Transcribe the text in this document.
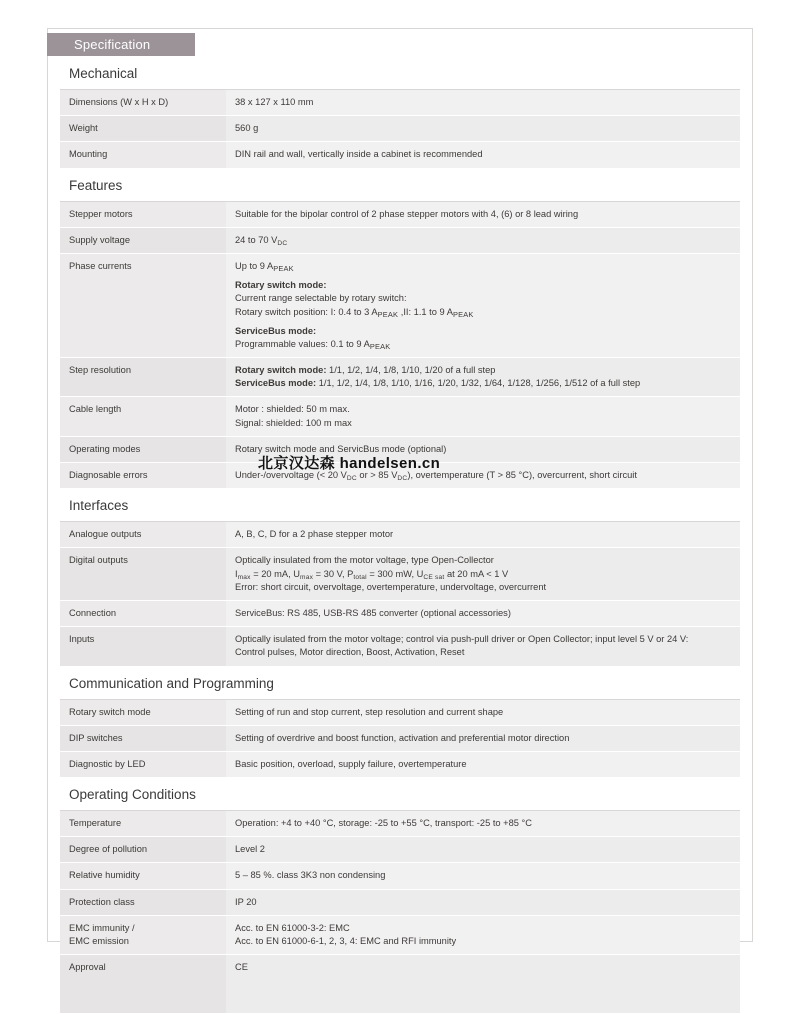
Mechanical
Dimensions (W x H x D)	38 x 127 x 110 mm
Weight	560 g
Mounting	DIN rail and wall, vertically inside a cabinet is recommended
Features
Stepper motors	Suitable for the bipolar control of 2 phase stepper motors with 4, (6) or 8 lead wiring
Supply voltage	24 to 70 $V_{DC}$
Phase currents	Up to 9 $A_{PEAK}$
Rotary switch mode:
Current range selectable by rotary switch:
Rotary switch position: I: 0.4 to 3 $A_{PEAK}$ ,II: 1.1 to 9 $A_{PEAK}$
ServiceBus mode:
Programmable values: 0.1 to 9 $A_{PEAK}$

Step resolution	Rotary switch mode: 1/1, 1/2, 1/4, 1/8, 1/10, 1/20 of a full step
ServiceBus mode: 1/1, 1/2, 1/4, 1/8, 1/10, 1/16, 1/20, 1/32, 1/64, 1/128, 1/256, 1/512 of a full step

Cable length	Motor : shielded: 50 m max.
Signal: shielded: 100 m max

Operating modes	Rotary switch mode and ServicBus mode (optional)
Diagnosable errors	Under-/overvoltage (< 20 $V_{DC}$ or > 85 $V_{DC}$), overtemperature (T > 85 °C), overcurrent, short circuit
Interfaces
Analogue outputs	A, B, C, D for a 2 phase stepper motor
Digital outputs	Optically insulated from the motor voltage, type Open-Collector
$I_{max} = 20$ mA, $U_{max} = 30$ V, $P_{total} = 300$ mW, $U_{CE sat}$ at 20 mA < 1 V
Error: short circuit, overvoltage, overtemperature, undervoltage, overcurrent

Connection	ServiceBus: RS 485, USB-RS 485 converter (optional accessories)
Inputs	Optically isulated from the motor voltage; control via push-pull driver or Open Collector; input level 5 V or 24 V:
Control pulses, Motor direction, Boost, Activation, Reset
Communication and Programming
Rotary switch mode	Setting of run and stop current, step resolution and current shape
DIP switches	Setting of overdrive and boost function, activation and preferential motor direction
Diagnostic by LED	Basic position, overload, supply failure, overtemperature
Operating Conditions
Temperature	Operation: +4 to +40 °C, storage: -25 to +55 °C, transport: -25 to +85 °C
Degree of pollution	Level 2
Relative humidity	5 – 85 %. class 3K3 non condensing
Protection class	IP 20

EMC immunity /
EMC emission	Acc. to EN 61000-3-2: EMC
Acc. to EN 61000-6-1, 2, 3, 4: EMC and RFI immunity

Approval	CE
Specification
北京汉达森 handelsen.cn
